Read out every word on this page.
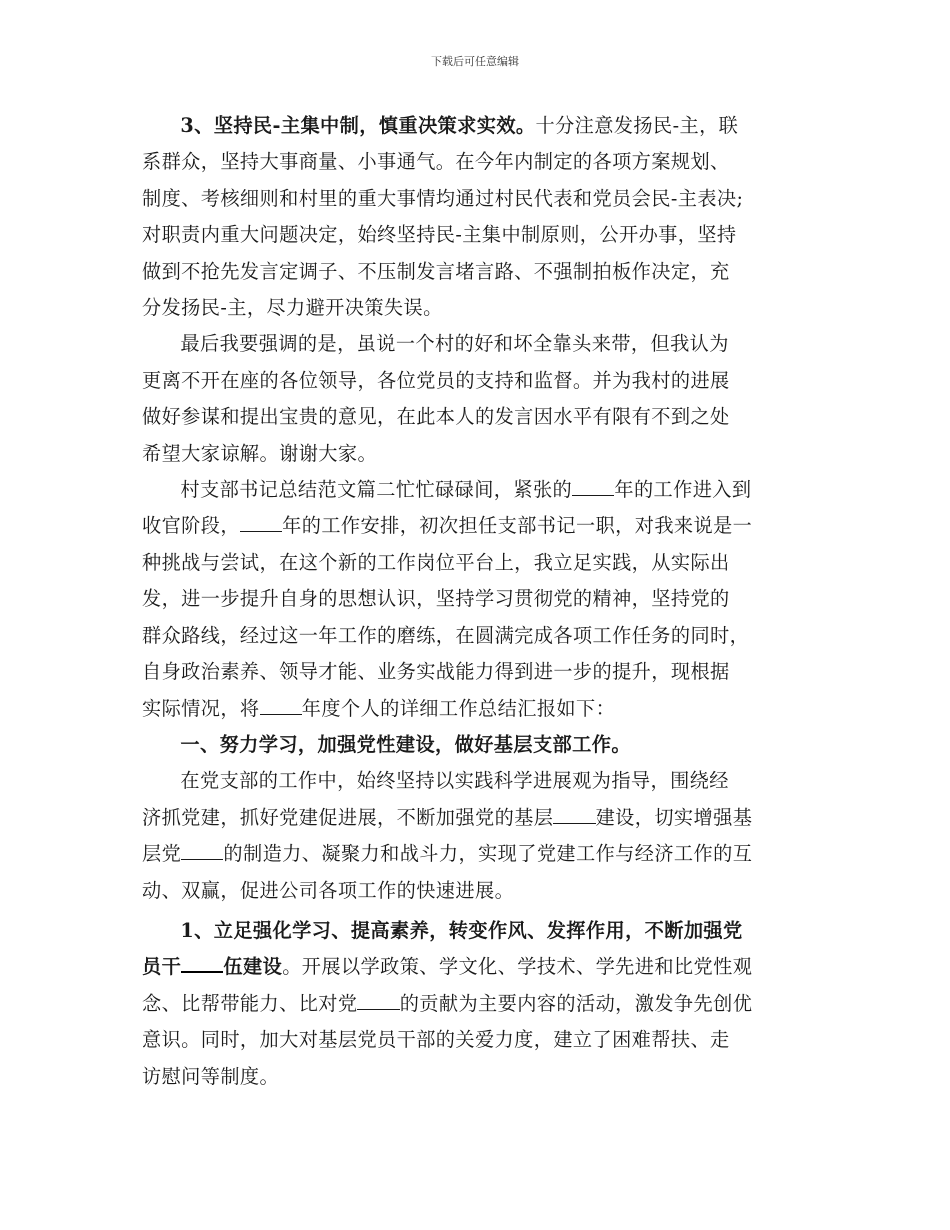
下载后可任意编辑
3、坚持民-主集中制，慎重决策求实效。十分注意发扬民-主，联
系群众，坚持大事商量、小事通气。在今年内制定的各项方案规划、
制度、考核细则和村里的重大事情均通过村民代表和党员会民-主表决;
对职责内重大问题决定，始终坚持民-主集中制原则，公开办事，坚持
做到不抢先发言定调子、不压制发言堵言路、不强制拍板作决定，充
分发扬民-主，尽力避开决策失误。
最后我要强调的是，虽说一个村的好和坏全靠头来带，但我认为
更离不开在座的各位领导，各位党员的支持和监督。并为我村的进展
做好参谋和提出宝贵的意见，在此本人的发言因水平有限有不到之处
希望大家谅解。谢谢大家。
村支部书记总结范文篇二忙忙碌碌间，紧张的 年的工作进入到
收官阶段， 年的工作安排，初次担任支部书记一职，对我来说是一
种挑战与尝试，在这个新的工作岗位平台上，我立足实践，从实际出
发，进一步提升自身的思想认识，坚持学习贯彻党的精神，坚持党的
群众路线，经过这一年工作的磨练，在圆满完成各项工作任务的同时，
自身政治素养、领导才能、业务实战能力得到进一步的提升，现根据
实际情况，将 年度个人的详细工作总结汇报如下：
一、努力学习，加强党性建设，做好基层支部工作。
在党支部的工作中，始终坚持以实践科学进展观为指导，围绕经
济抓党建，抓好党建促进展，不断加强党的基层 建设，切实增强基
层党 的制造力、凝聚力和战斗力，实现了党建工作与经济工作的互
动、双赢，促进公司各项工作的快速进展。
1、立足强化学习、提高素养，转变作风、发挥作用，不断加强党
员干 伍建设。开展以学政策、学文化、学技术、学先进和比党性观
念、比帮带能力、比对党 的贡献为主要内容的活动，激发争先创优
意识。同时，加大对基层党员干部的关爱力度，建立了困难帮扶、走
访慰问等制度。
